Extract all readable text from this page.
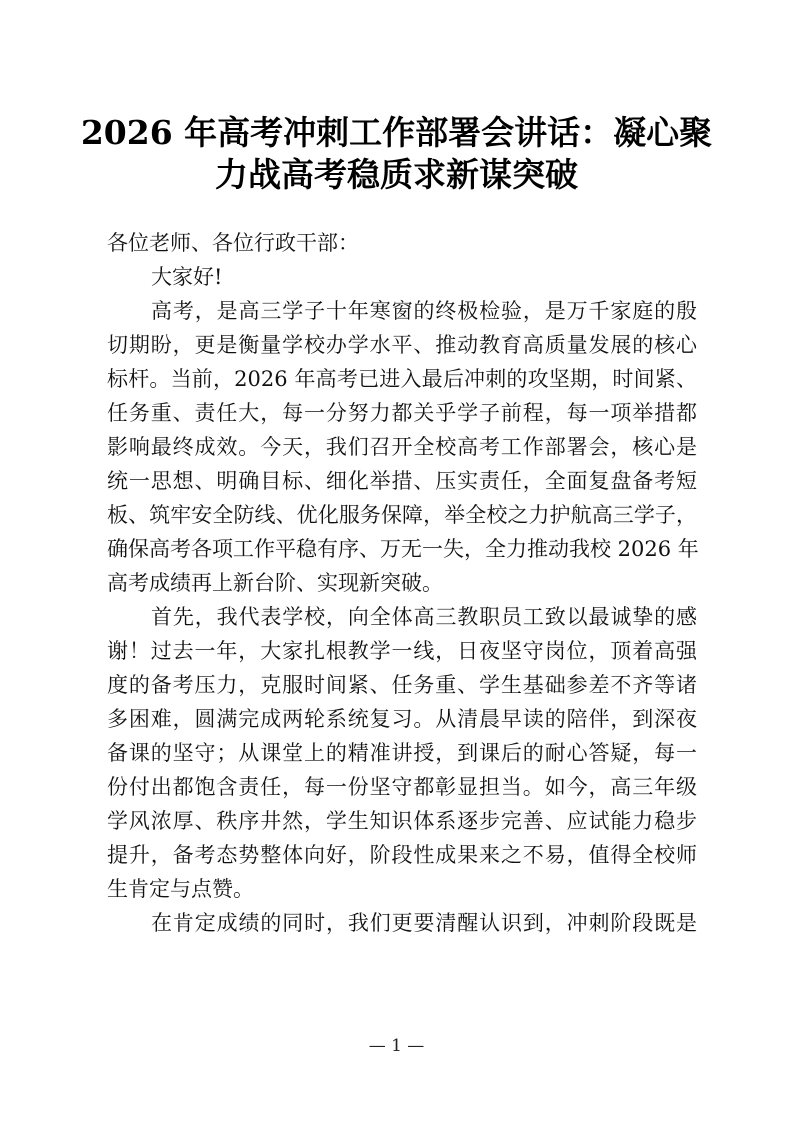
2026 年高考冲刺工作部署会讲话：凝心聚
力战高考稳质求新谋突破
各位老师、各位行政干部：
大家好!
高考，是高三学子十年寒窗的终极检验，是万千家庭的殷
切期盼，更是衡量学校办学水平、推动教育高质量发展的核心
标杆。当前，2026 年高考已进入最后冲刺的攻坚期，时间紧、
任务重、责任大，每一分努力都关乎学子前程，每一项举措都
影响最终成效。今天，我们召开全校高考工作部署会，核心是
统一思想、明确目标、细化举措、压实责任，全面复盘备考短
板、筑牢安全防线、优化服务保障，举全校之力护航高三学子，
确保高考各项工作平稳有序、万无一失，全力推动我校 2026 年
高考成绩再上新台阶、实现新突破。
首先，我代表学校，向全体高三教职员工致以最诚挚的感
谢！过去一年，大家扎根教学一线，日夜坚守岗位，顶着高强
度的备考压力，克服时间紧、任务重、学生基础参差不齐等诸
多困难，圆满完成两轮系统复习。从清晨早读的陪伴，到深夜
备课的坚守；从课堂上的精准讲授，到课后的耐心答疑，每一
份付出都饱含责任，每一份坚守都彰显担当。如今，高三年级
学风浓厚、秩序井然，学生知识体系逐步完善、应试能力稳步
提升，备考态势整体向好，阶段性成果来之不易，值得全校师
生肯定与点赞。
在肯定成绩的同时，我们更要清醒认识到，冲刺阶段既是
— 1 —
